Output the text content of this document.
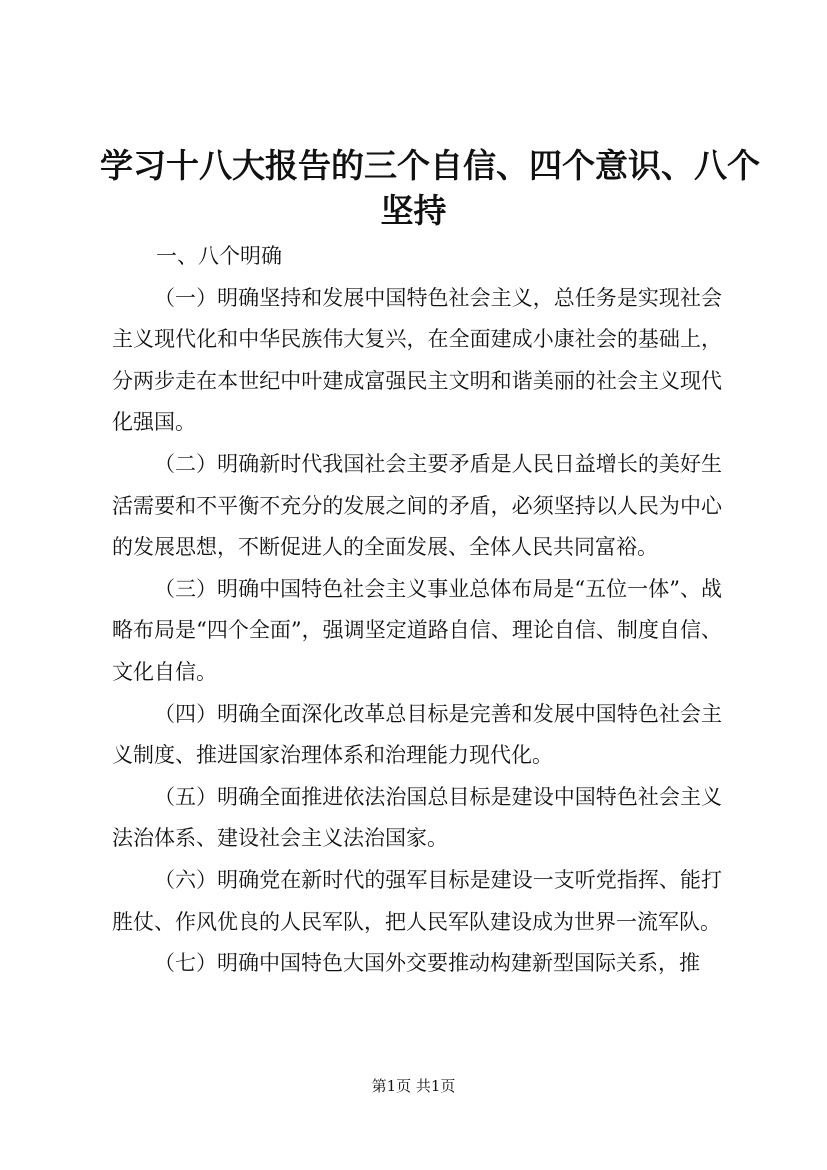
学习十八大报告的三个自信、四个意识、八个
坚持

一、八个明确

（一）明确坚持和发展中国特色社会主义，总任务是实现社会主义现代化和中华民族伟大复兴，在全面建成小康社会的基础上，分两步走在本世纪中叶建成富强民主文明和谐美丽的社会主义现代化强国。

（二）明确新时代我国社会主要矛盾是人民日益增长的美好生活需要和不平衡不充分的发展之间的矛盾，必须坚持以人民为中心的发展思想，不断促进人的全面发展、全体人民共同富裕。

（三）明确中国特色社会主义事业总体布局是“五位一体”、战略布局是“四个全面”，强调坚定道路自信、理论自信、制度自信、文化自信。

（四）明确全面深化改革总目标是完善和发展中国特色社会主义制度、推进国家治理体系和治理能力现代化。

（五）明确全面推进依法治国总目标是建设中国特色社会主义法治体系、建设社会主义法治国家。

（六）明确党在新时代的强军目标是建设一支听党指挥、能打胜仗、作风优良的人民军队，把人民军队建设成为世界一流军队。

（七）明确中国特色大国外交要推动构建新型国际关系，推

第1页 共1页
